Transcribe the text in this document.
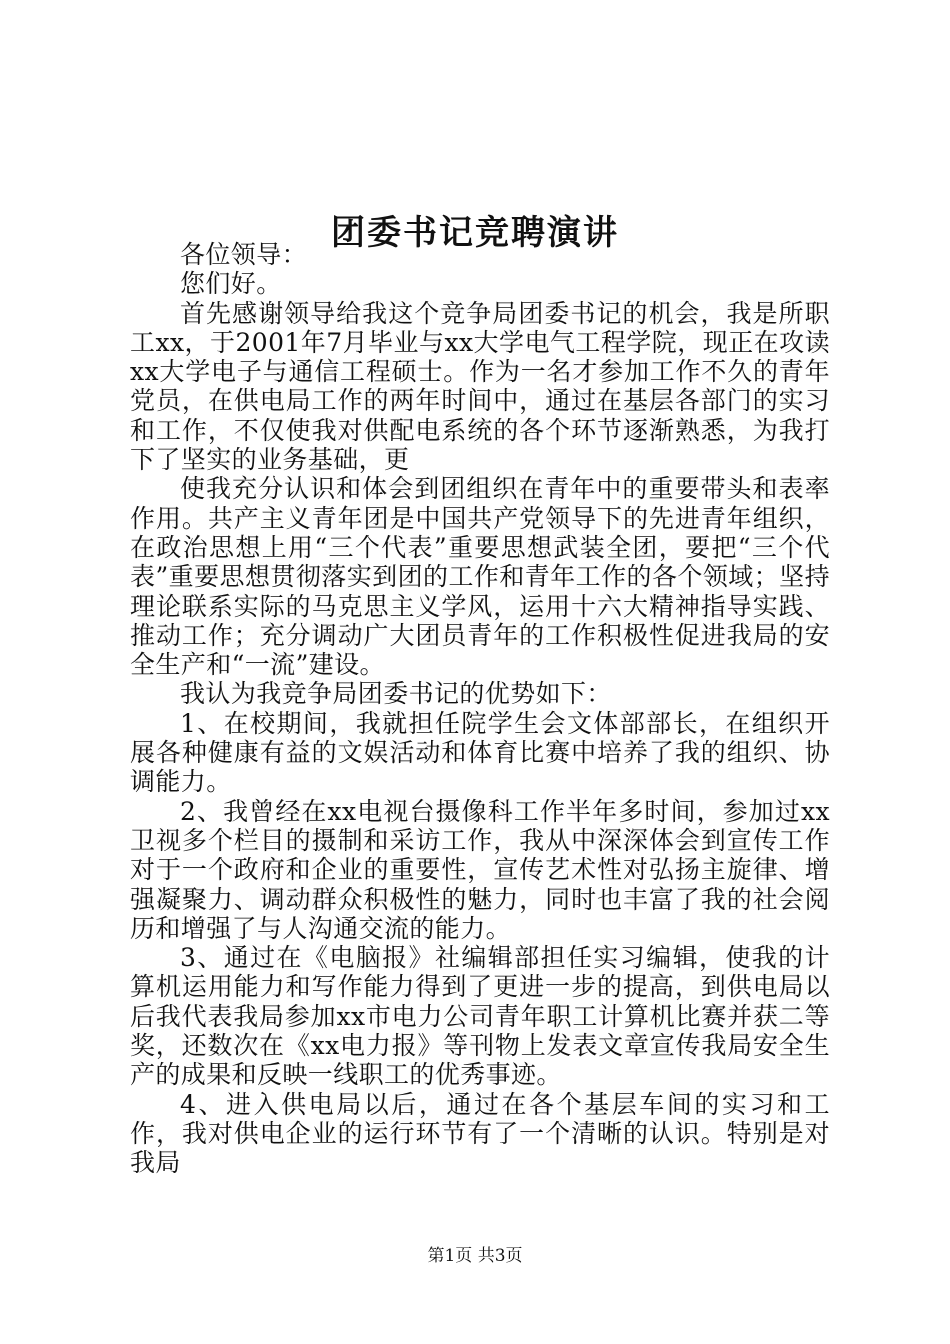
团委书记竞聘演讲

各位领导：

您们好。

首先感谢领导给我这个竞争局团委书记的机会，我是所职工xx，于2001年7月毕业与xx大学电气工程学院，现正在攻读xx大学电子与通信工程硕士。作为一名才参加工作不久的青年党员，在供电局工作的两年时间中，通过在基层各部门的实习和工作，不仅使我对供配电系统的各个环节逐渐熟悉，为我打下了坚实的业务基础，更

使我充分认识和体会到团组织在青年中的重要带头和表率作用。共产主义青年团是中国共产党领导下的先进青年组织，在政治思想上用“三个代表”重要思想武装全团，要把“三个代表”重要思想贯彻落实到团的工作和青年工作的各个领域；坚持理论联系实际的马克思主义学风，运用十六大精神指导实践、推动工作；充分调动广大团员青年的工作积极性促进我局的安全生产和“一流”建设。

我认为我竞争局团委书记的优势如下：

1、在校期间，我就担任院学生会文体部部长，在组织开展各种健康有益的文娱活动和体育比赛中培养了我的组织、协调能力。

2、我曾经在xx电视台摄像科工作半年多时间，参加过xx卫视多个栏目的摄制和采访工作，我从中深深体会到宣传工作对于一个政府和企业的重要性，宣传艺术性对弘扬主旋律、增强凝聚力、调动群众积极性的魅力，同时也丰富了我的社会阅历和增强了与人沟通交流的能力。

3、通过在《电脑报》社编辑部担任实习编辑，使我的计算机运用能力和写作能力得到了更进一步的提高，到供电局以后我代表我局参加xx市电力公司青年职工计算机比赛并获二等奖，还数次在《xx电力报》等刊物上发表文章宣传我局安全生产的成果和反映一线职工的优秀事迹。

4、进入供电局以后，通过在各个基层车间的实习和工作，我对供电企业的运行环节有了一个清晰的认识。特别是对我局

第1页 共3页
